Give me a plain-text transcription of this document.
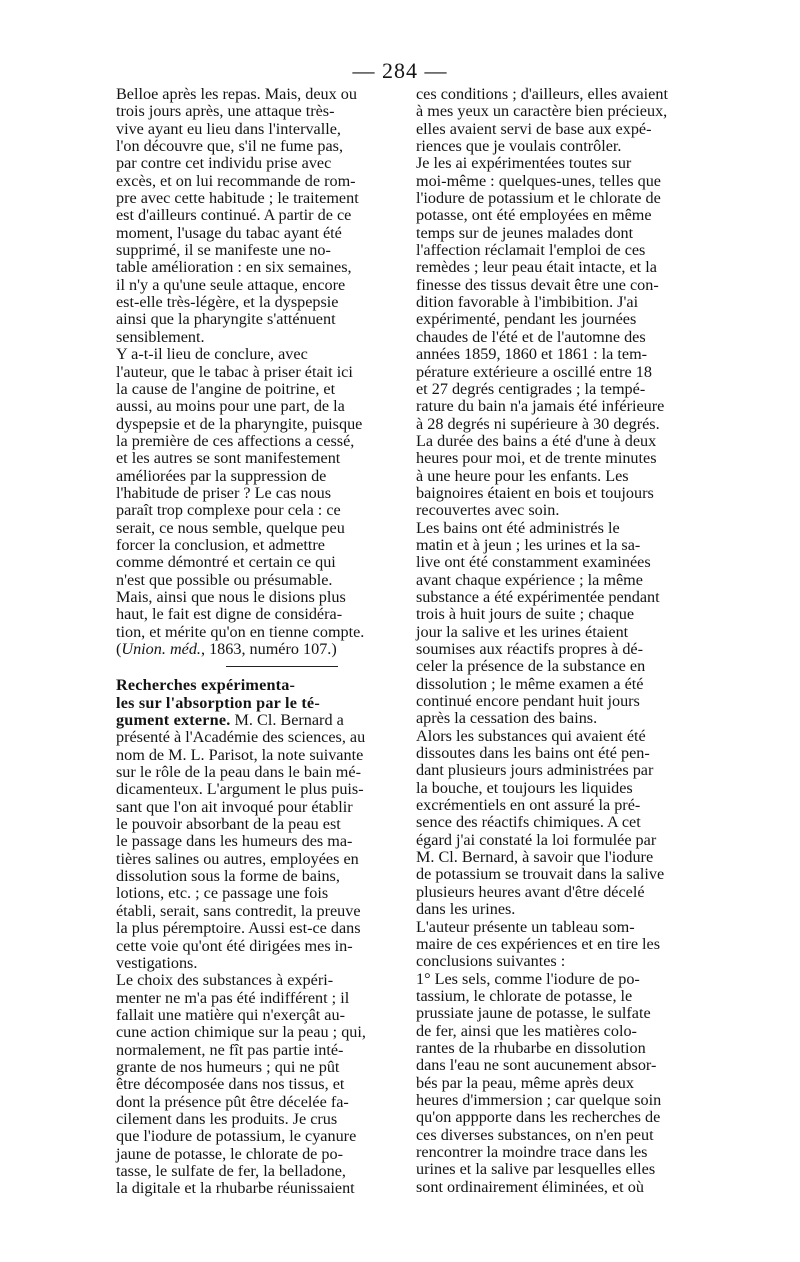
— 284 —
Belloe après les repas. Mais, deux ou
trois jours après, une attaque très-
vive ayant eu lieu dans l'intervalle,
l'on découvre que, s'il ne fume pas,
par contre cet individu prise avec
excès, et on lui recommande de rom-
pre avec cette habitude ; le traitement
est d'ailleurs continué. A partir de ce
moment, l'usage du tabac ayant été
supprimé, il se manifeste une no-
table amélioration : en six semaines,
il n'y a qu'une seule attaque, encore
est-elle très-légère, et la dyspepsie
ainsi que la pharyngite s'atténuent
sensiblement.
Y a-t-il lieu de conclure, avec
l'auteur, que le tabac à priser était ici
la cause de l'angine de poitrine, et
aussi, au moins pour une part, de la
dyspepsie et de la pharyngite, puisque
la première de ces affections a cessé,
et les autres se sont manifestement
améliorées par la suppression de
l'habitude de priser ? Le cas nous
paraît trop complexe pour cela : ce
serait, ce nous semble, quelque peu
forcer la conclusion, et admettre
comme démontré et certain ce qui
n'est que possible ou présumable.
Mais, ainsi que nous le disions plus
haut, le fait est digne de considéra-
tion, et mérite qu'on en tienne compte.
(Union. méd., 1863, numéro 107.)
Recherches expérimenta-
les sur l'absorption par le té-
gument externe. M. Cl. Bernard a
présenté à l'Académie des sciences, au
nom de M. L. Parisot, la note suivante
sur le rôle de la peau dans le bain mé-
dicamenteux. L'argument le plus puis-
sant que l'on ait invoqué pour établir
le pouvoir absorbant de la peau est
le passage dans les humeurs des ma-
tières salines ou autres, employées en
dissolution sous la forme de bains,
lotions, etc. ; ce passage une fois
établi, serait, sans contredit, la preuve
la plus péremptoire. Aussi est-ce dans
cette voie qu'ont été dirigées mes in-
vestigations.
Le choix des substances à expéri-
menter ne m'a pas été indifférent ; il
fallait une matière qui n'exerçât au-
cune action chimique sur la peau ; qui,
normalement, ne fît pas partie inté-
grante de nos humeurs ; qui ne pût
être décomposée dans nos tissus, et
dont la présence pût être décelée fa-
cilement dans les produits. Je crus
que l'iodure de potassium, le cyanure
jaune de potasse, le chlorate de po-
tasse, le sulfate de fer, la belladone,
la digitale et la rhubarbe réunissaient
ces conditions ; d'ailleurs, elles avaient
à mes yeux un caractère bien précieux,
elles avaient servi de base aux expé-
riences que je voulais contrôler.
Je les ai expérimentées toutes sur
moi-même : quelques-unes, telles que
l'iodure de potassium et le chlorate de
potasse, ont été employées en même
temps sur de jeunes malades dont
l'affection réclamait l'emploi de ces
remèdes ; leur peau était intacte, et la
finesse des tissus devait être une con-
dition favorable à l'imbibition. J'ai
expérimenté, pendant les journées
chaudes de l'été et de l'automne des
années 1859, 1860 et 1861 : la tem-
pérature extérieure a oscillé entre 18
et 27 degrés centigrades ; la tempé-
rature du bain n'a jamais été inférieure
à 28 degrés ni supérieure à 30 degrés.
La durée des bains a été d'une à deux
heures pour moi, et de trente minutes
à une heure pour les enfants. Les
baignoires étaient en bois et toujours
recouvertes avec soin.
Les bains ont été administrés le
matin et à jeun ; les urines et la sa-
live ont été constamment examinées
avant chaque expérience ; la même
substance a été expérimentée pendant
trois à huit jours de suite ; chaque
jour la salive et les urines étaient
soumises aux réactifs propres à dé-
celer la présence de la substance en
dissolution ; le même examen a été
continué encore pendant huit jours
après la cessation des bains.
Alors les substances qui avaient été
dissoutes dans les bains ont été pen-
dant plusieurs jours administrées par
la bouche, et toujours les liquides
excrémentiels en ont assuré la pré-
sence des réactifs chimiques. A cet
égard j'ai constaté la loi formulée par
M. Cl. Bernard, à savoir que l'iodure
de potassium se trouvait dans la salive
plusieurs heures avant d'être décelé
dans les urines.
L'auteur présente un tableau som-
maire de ces expériences et en tire les
conclusions suivantes :
1° Les sels, comme l'iodure de po-
tassium, le chlorate de potasse, le
prussiate jaune de potasse, le sulfate
de fer, ainsi que les matières colo-
rantes de la rhubarbe en dissolution
dans l'eau ne sont aucunement absor-
bés par la peau, même après deux
heures d'immersion ; car quelque soin
qu'on appporte dans les recherches de
ces diverses substances, on n'en peut
rencontrer la moindre trace dans les
urines et la salive par lesquelles elles
sont ordinairement éliminées, et où
